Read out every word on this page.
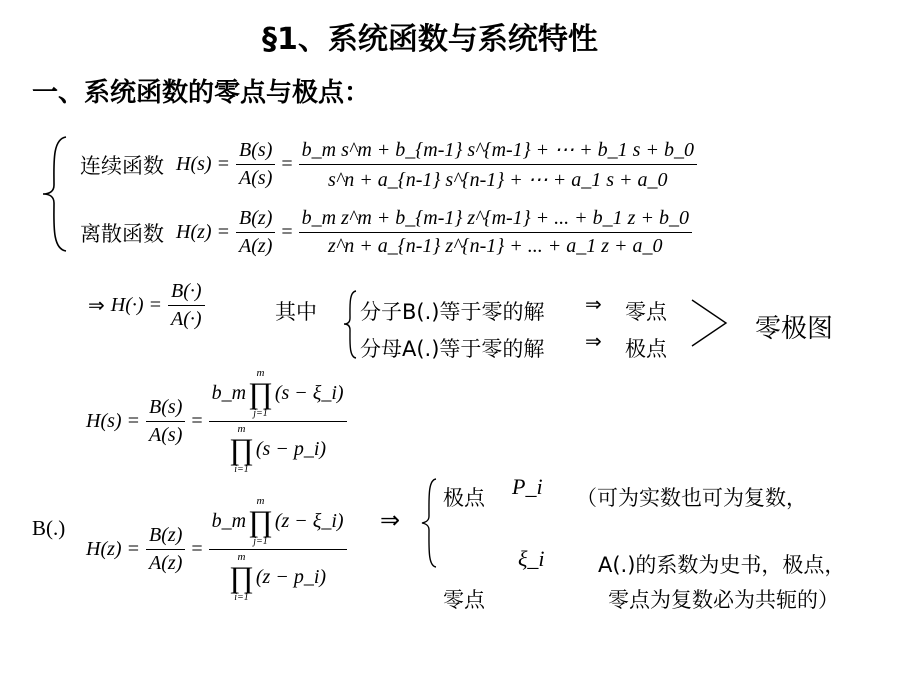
§1、系统函数与系统特性
一、系统函数的零点与极点：
连续函数 $H(s) = \frac{B(s)}{A(s)} = \frac{\text{b\_m s\textasciicircum{}m + b\_\{m-1\} s\textasciicircum{}\{m-1\} + ⋯ + b\_1 s + b\_0}}{s\^{}n + a\_\{n-1\} s\^{}\{n-1\} + \cdots + a\_1 s + a\_0}$
离散函数 $H(z) = \frac{B(z)}{A(z)} = \frac{\text{b\_m z\textasciicircum{}m + b\_\{m-1\} z\textasciicircum{}\{m-1\} + ... + b\_1 z + b\_0}}{z\^{}n + a\_\{n-1\} z\^{}\{n-1\} + ... + a\_1 z + a\_0}$
⇒ $H(\cdot) = \frac{B(\cdot)}{A(\cdot)}$	其中 分子B(.)等于零的解 ⇒ 零点
分母A(.)等于零的解 ⇒ 极点
零极图
$H(s) = \frac{B(s)}{A(s)}$ =
b_m
m
∏
j=1
(s − ξ_i)
m
∏
i=1
(s − p_i)
B(.)
$H(z) = \frac{B(z)}{A(z)}$ =
b_m
m
∏
j=1
(z − ξ_i)
m
∏
i=1
(z − p_i)
⇒
极点 P_i （可为实数也可为复数，
ξ_i	A(.)的系数为史书，极点，
零点	零点为复数必为共轭的）
